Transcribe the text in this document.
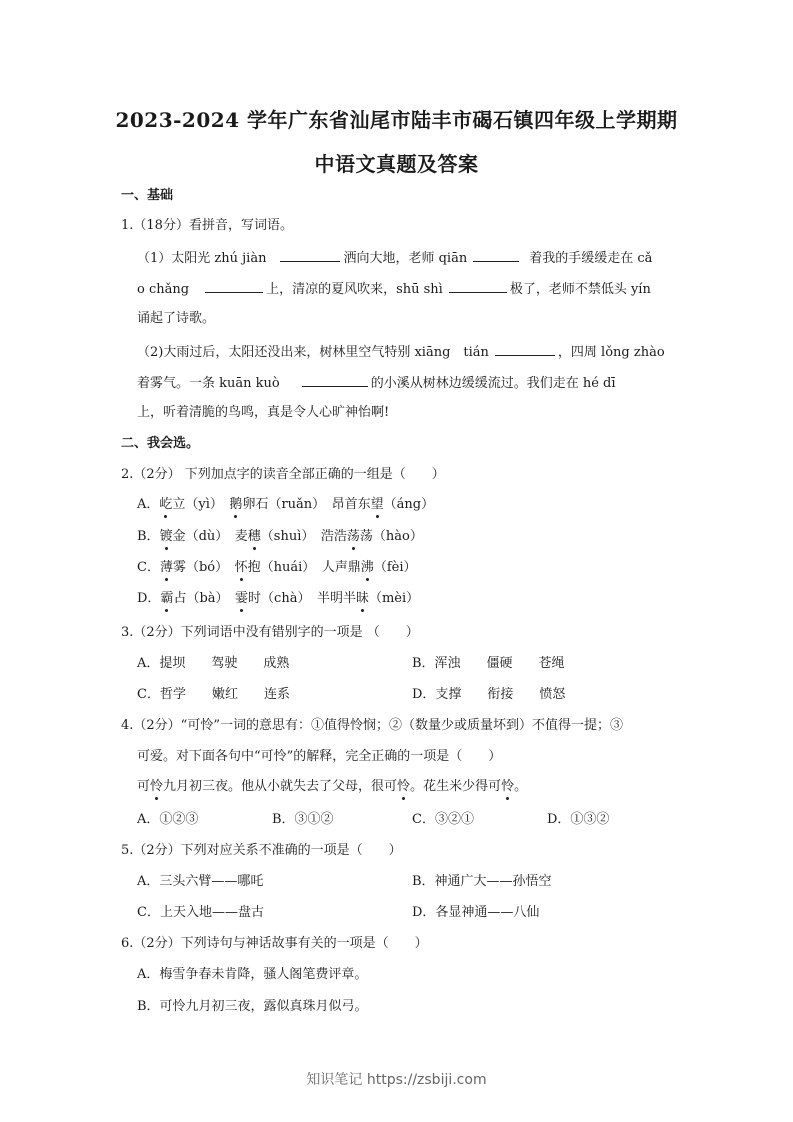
2023-2024 学年广东省汕尾市陆丰市碣石镇四年级上学期期
中语文真题及答案
一、基础
1.（18分）看拼音，写词语。
（1）太阳光 zhú jiàn	洒向大地，老师 qiān	着我的手缓缓走在 cǎ
o chǎng	上，清凉的夏风吹来，shū shì	极了，老师不禁低头 yín
诵起了诗歌。
（2)大雨过后，太阳还没出来，树林里空气特别 xiāng　tián	，四周 lǒng zhào
着雾气。一条 kuān kuò	的小溪从树林边缓缓流过。我们走在 hé dī
上，听着清脆的鸟鸣，真是令人心旷神怡啊!
二、我会选。
2.（2分） 下列加点字的读音全部正确的一组是（　　）
A．屹立（yì）　鹅卵石（ruǎn）　昂首东望（áng）
B．镀金（dù）　麦穗（shuì）　浩浩荡荡（hào）
C．薄雾（bó）　怀抱（huái）　人声鼎沸（fèi）
D．霸占（bà）　霎时（chà）　半明半昧（mèi）
3.（2分）下列词语中没有错别字的一项是 （　　）
A．提坝　　驾驶　　成熟	B．浑浊　　僵硬　　苍绳
C．哲学　　嫩红　　连系	D．支撑　　衔接　　愤怒
4.（2分）“可怜”一词的意思有：①值得怜悯；②（数量少或质量坏到）不值得一提；③
可爱。对下面各句中“可怜”的解释，完全正确的一项是（　　）
可怜九月初三夜。他从小就失去了父母，很可怜。花生米少得可怜。
A．①②③	B．③①②	C．③②①	D．①③②
5.（2分）下列对应关系不准确的一项是（　　）
A．三头六臂——哪吒	B．神通广大——孙悟空
C．上天入地——盘古	D．各显神通——八仙
6.（2分）下列诗句与神话故事有关的一项是（　　）
A．梅雪争春未肯降，骚人阁笔费评章。
B．可怜九月初三夜，露似真珠月似弓。
知识笔记 https://zsbiji.com
